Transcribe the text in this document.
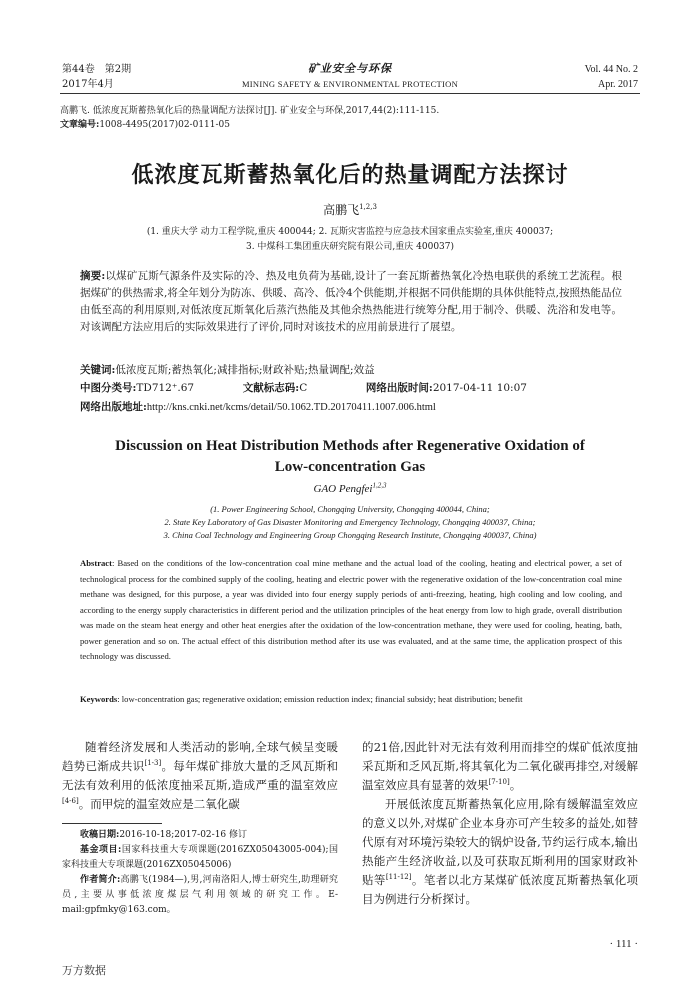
第44卷　第2期
2017年4月
矿业安全与环保
MINING SAFETY & ENVIRONMENTAL PROTECTION
Vol. 44 No. 2
Apr. 2017
高鹏飞. 低浓度瓦斯蓄热氧化后的热量调配方法探讨[J]. 矿业安全与环保,2017,44(2):111-115.
文章编号:1008-4495(2017)02-0111-05
低浓度瓦斯蓄热氧化后的热量调配方法探讨
高鹏飞$^{1,2,3}$
(1. 重庆大学 动力工程学院,重庆 400044; 2. 瓦斯灾害监控与应急技术国家重点实验室,重庆 400037;
3. 中煤科工集团重庆研究院有限公司,重庆 400037)
摘要:以煤矿瓦斯气源条件及实际的冷、热及电负荷为基础,设计了一套瓦斯蓄热氧化冷热电联供的系统工艺流程。根据煤矿的供热需求,将全年划分为防冻、供暖、高冷、低冷4个供能期,并根据不同供能期的具体供能特点,按照热能品位由低至高的利用原则,对低浓度瓦斯氧化后蒸汽热能及其他余热热能进行统筹分配,用于制冷、供暖、洗浴和发电等。对该调配方法应用后的实际效果进行了评价,同时对该技术的应用前景进行了展望。
关键词:低浓度瓦斯;蓄热氧化;减排指标;财政补贴;热量调配;效益
中图分类号:TD712⁺.67	文献标志码:C	网络出版时间:2017-04-11 10:07
网络出版地址:http://kns.cnki.net/kcms/detail/50.1062.TD.20170411.1007.006.html
Discussion on Heat Distribution Methods after Regenerative Oxidation of
Low-concentration Gas
GAO Pengfei$^{1,2,3}$
(1. Power Engineering School, Chongqing University, Chongqing 400044, China;
2. State Key Laboratory of Gas Disaster Monitoring and Emergency Technology, Chongqing 400037, China;
3. China Coal Technology and Engineering Group Chongqing Research Institute, Chongqing 400037, China)
Abstract: Based on the conditions of the low-concentration coal mine methane and the actual load of the cooling, heating and electrical power, a set of technological process for the combined supply of the cooling, heating and electric power with the regenerative oxidation of the low-concentration coal mine methane was designed, for this purpose, a year was divided into four energy supply periods of anti-freezing, heating, high cooling and low cooling, and according to the energy supply characteristics in different period and the utilization principles of the heat energy from low to high grade, overall distribution was made on the steam heat energy and other heat energies after the oxidation of the low-concentration methane, they were used for cooling, heating, bath, power generation and so on. The actual effect of this distribution method after its use was evaluated, and at the same time, the application prospect of this technology was discussed.
Keywords: low-concentration gas; regenerative oxidation; emission reduction index; financial subsidy; heat distribution; benefit
随着经济发展和人类活动的影响,全球气候呈变暖趋势已渐成共识[1-3]。每年煤矿排放大量的乏风瓦斯和无法有效利用的低浓度抽采瓦斯,造成严重的温室效应[4-6]。而甲烷的温室效应是二氧化碳
收稿日期:2016-10-18;2017-02-16 修订
基金项目:国家科技重大专项课题(2016ZX05043005-004);国家科技重大专项课题(2016ZX05045006)
作者简介:高鹏飞(1984—),男,河南洛阳人,博士研究生,助理研究员,主要从事低浓度煤层气利用领域的研究工作。E-mail:gpfmky@163.com。
的21倍,因此针对无法有效利用而排空的煤矿低浓度抽采瓦斯和乏风瓦斯,将其氧化为二氧化碳再排空,对缓解温室效应具有显著的效果[7-10]。
开展低浓度瓦斯蓄热氧化应用,除有缓解温室效应的意义以外,对煤矿企业本身亦可产生较多的益处,如替代原有对环境污染较大的锅炉设备,节约运行成本,输出热能产生经济收益,以及可获取瓦斯利用的国家财政补贴等[11-12]。笔者以北方某煤矿低浓度瓦斯蓄热氧化项目为例进行分析探讨。
· 111 ·
万方数据
